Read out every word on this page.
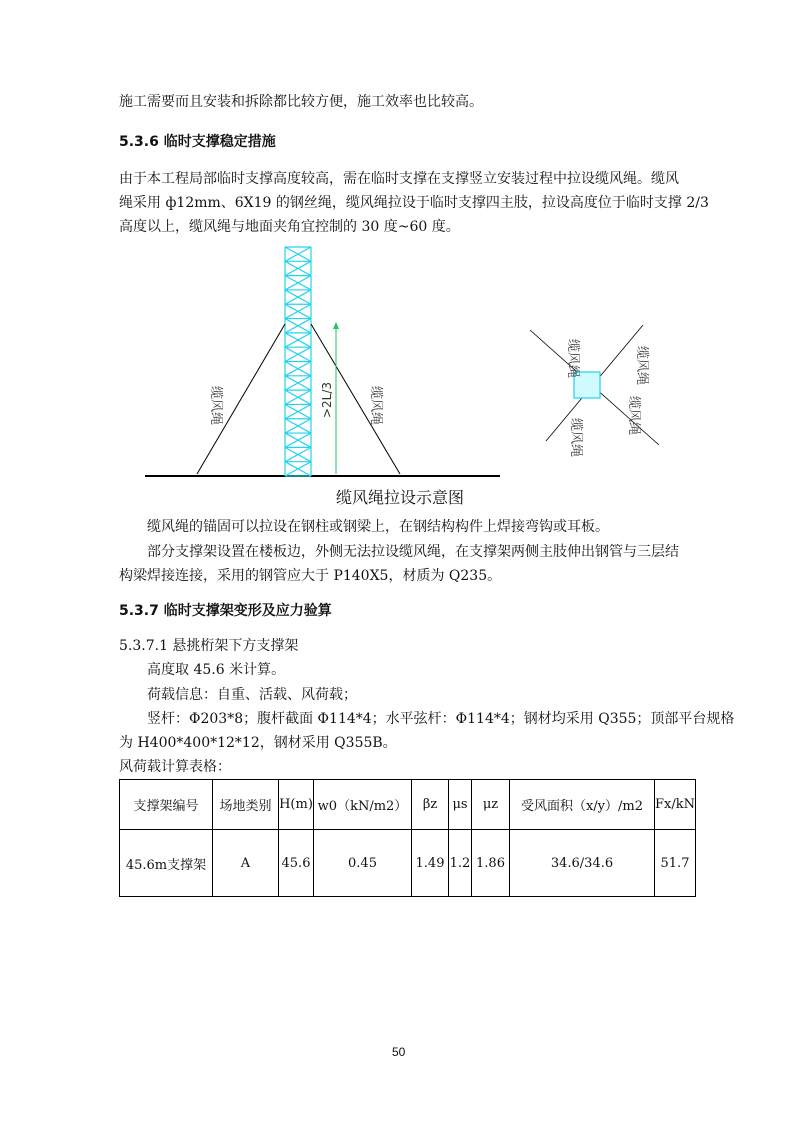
施工需要而且安装和拆除都比较方便，施工效率也比较高。
5.3.6 临时支撑稳定措施
由于本工程局部临时支撑高度较高，需在临时支撑在支撑竖立安装过程中拉设缆风绳。缆风
绳采用 ф12mm、6X19 的钢丝绳，缆风绳拉设于临时支撑四主肢，拉设高度位于临时支撑 2/3
高度以上，缆风绳与地面夹角宜控制的 30 度~60 度。
>2L/3
缆风绳	缆风绳
缆风绳	缆风绳
缆风绳
缆风绳
缆风绳拉设示意图
缆风绳的锚固可以拉设在钢柱或钢梁上，在钢结构构件上焊接弯钩或耳板。
部分支撑架设置在楼板边，外侧无法拉设缆风绳，在支撑架两侧主肢伸出钢管与三层结
构梁焊接连接，采用的钢管应大于 P140X5，材质为 Q235。
5.3.7 临时支撑架变形及应力验算
5.3.7.1 悬挑桁架下方支撑架
高度取 45.6 米计算。
荷载信息：自重、活载、风荷载；
竖杆：Φ203*8；腹杆截面 Φ114*4；水平弦杆：Φ114*4；钢材均采用 Q355；顶部平台规格
为 H400*400*12*12，钢材采用 Q355B。
风荷载计算表格：
支撑架编号	场地类别	H(m)	w0（kN/m2）	βz	μs	μz	受风面积（x/y）/m2	Fx/kN
45.6m支撑架	A	45.6	0.45	1.49	1.2	1.86	34.6/34.6	51.7
50
